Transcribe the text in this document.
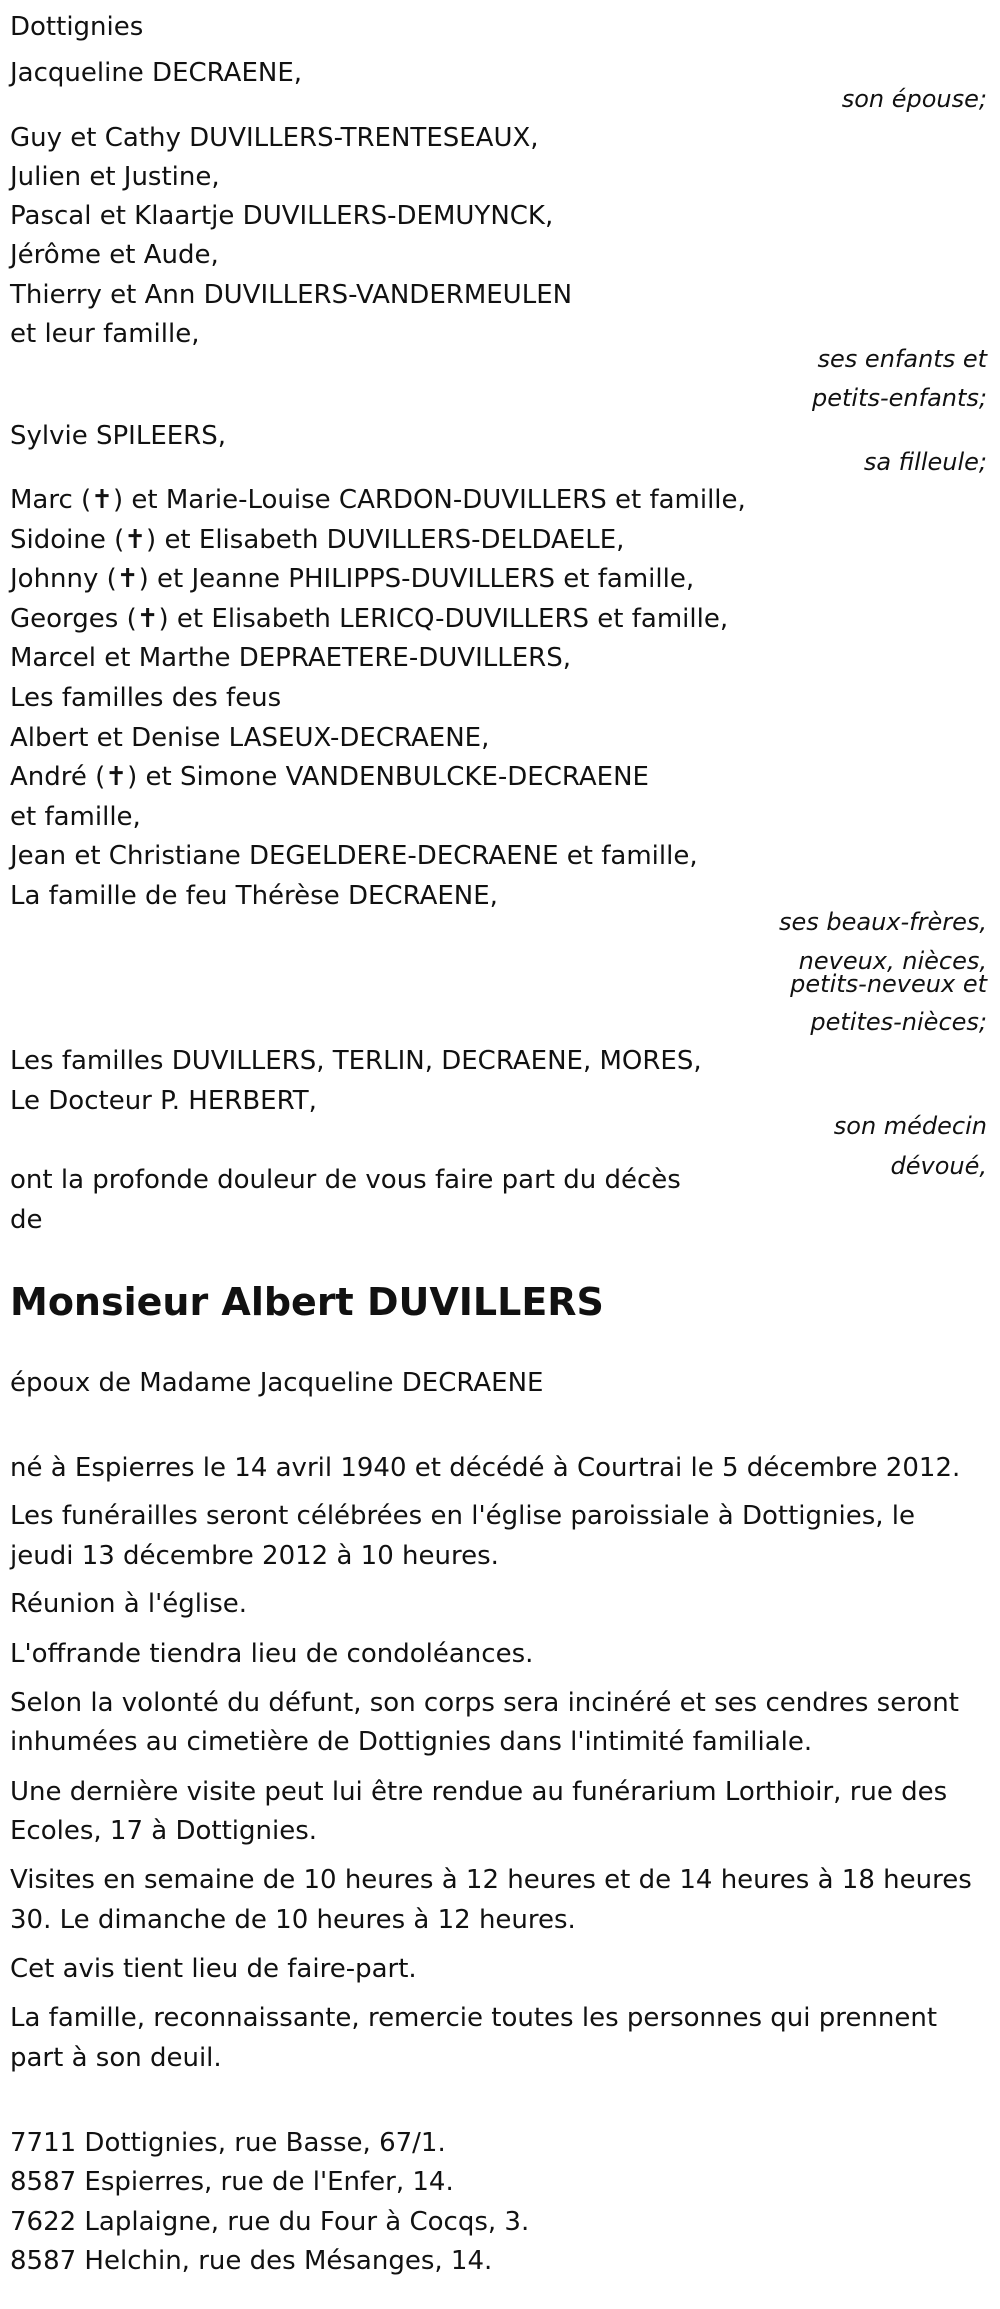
Dottignies
Jacqueline DECRAENE,
son épouse;
Guy et Cathy DUVILLERS-TRENTESEAUX,
Julien et Justine,
Pascal et Klaartje DUVILLERS-DEMUYNCK,
Jérôme et Aude,
Thierry et Ann DUVILLERS-VANDERMEULEN
et leur famille,
ses enfants et
petits-enfants;
Sylvie SPILEERS,
sa filleule;
Marc (✝) et Marie-Louise CARDON-DUVILLERS et famille,
Sidoine (✝) et Elisabeth DUVILLERS-DELDAELE,
Johnny (✝) et Jeanne PHILIPPS-DUVILLERS et famille,
Georges (✝) et Elisabeth LERICQ-DUVILLERS et famille,
Marcel et Marthe DEPRAETERE-DUVILLERS,
Les familles des feus
Albert et Denise LASEUX-DECRAENE,
André (✝) et Simone VANDENBULCKE-DECRAENE
et famille,
Jean et Christiane DEGELDERE-DECRAENE et famille,
La famille de feu Thérèse DECRAENE,
ses beaux-frères,
neveux, nièces,
petits-neveux et
petites-nièces;
Les familles DUVILLERS, TERLIN, DECRAENE, MORES,
Le Docteur P. HERBERT,
son médecin
dévoué,
ont la profonde douleur de vous faire part du décès
de
Monsieur Albert DUVILLERS
époux de Madame Jacqueline DECRAENE
né à Espierres le 14 avril 1940 et décédé à Courtrai le 5 décembre 2012.
Les funérailles seront célébrées en l'église paroissiale à Dottignies, le
jeudi 13 décembre 2012 à 10 heures.
Réunion à l'église.
L'offrande tiendra lieu de condoléances.
Selon la volonté du défunt, son corps sera incinéré et ses cendres seront
inhumées au cimetière de Dottignies dans l'intimité familiale.
Une dernière visite peut lui être rendue au funérarium Lorthioir, rue des
Ecoles, 17 à Dottignies.
Visites en semaine de 10 heures à 12 heures et de 14 heures à 18 heures
30. Le dimanche de 10 heures à 12 heures.
Cet avis tient lieu de faire-part.
La famille, reconnaissante, remercie toutes les personnes qui prennent
part à son deuil.
7711 Dottignies, rue Basse, 67/1.
8587 Espierres, rue de l'Enfer, 14.
7622 Laplaigne, rue du Four à Cocqs, 3.
8587 Helchin, rue des Mésanges, 14.
